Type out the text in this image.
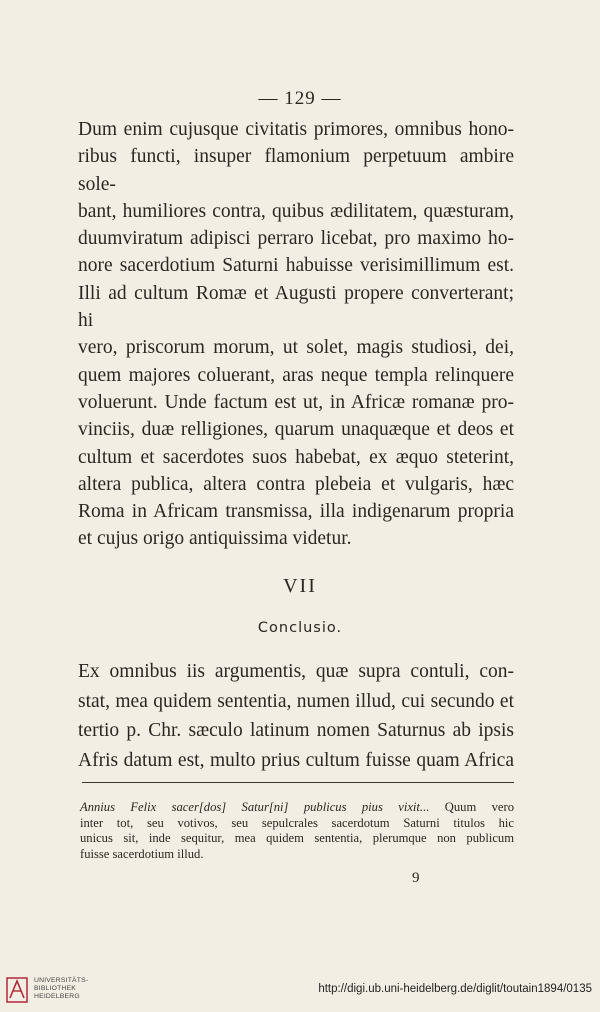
— 129 —

Dum enim cujusque civitatis primores, omnibus hono-

ribus functi, insuper flamonium perpetuum ambire sole-

bant, humiliores contra, quibus ædilitatem, quæsturam,

duumviratum adipisci perraro licebat, pro maximo ho-

nore sacerdotium Saturni habuisse verisimillimum est.

Illi ad cultum Romæ et Augusti propere converterant; hi

vero, priscorum morum, ut solet, magis studiosi, dei,

quem majores coluerant, aras neque templa relinquere

voluerunt. Unde factum est ut, in Africæ romanæ pro-

vinciis, duæ relligiones, quarum unaquæque et deos et

cultum et sacerdotes suos habebat, ex æquo steterint,

altera publica, altera contra plebeia et vulgaris, hæc

Roma in Africam transmissa, illa indigenarum propria

et cujus origo antiquissima videtur.

VII
Conclusio.

Ex omnibus iis argumentis, quæ supra contuli, con-

stat, mea quidem sententia, numen illud, cui secundo et

tertio p. Chr. sæculo latinum nomen Saturnus ab ipsis

Afris datum est, multo prius cultum fuisse quam Africa

Annius Felix sacer[dos] Satur[ni] publicus pius vixit... Quum vero

inter tot, seu votivos, seu sepulcrales sacerdotum Saturni titulos hic

unicus sit, inde sequitur, mea quidem sententia, plerumque non publicum

fuisse sacerdotium illud.

9
UNIVERSITÄTS-
BIBLIOTHEK
HEIDELBERG
http://digi.ub.uni-heidelberg.de/diglit/toutain1894/0135
